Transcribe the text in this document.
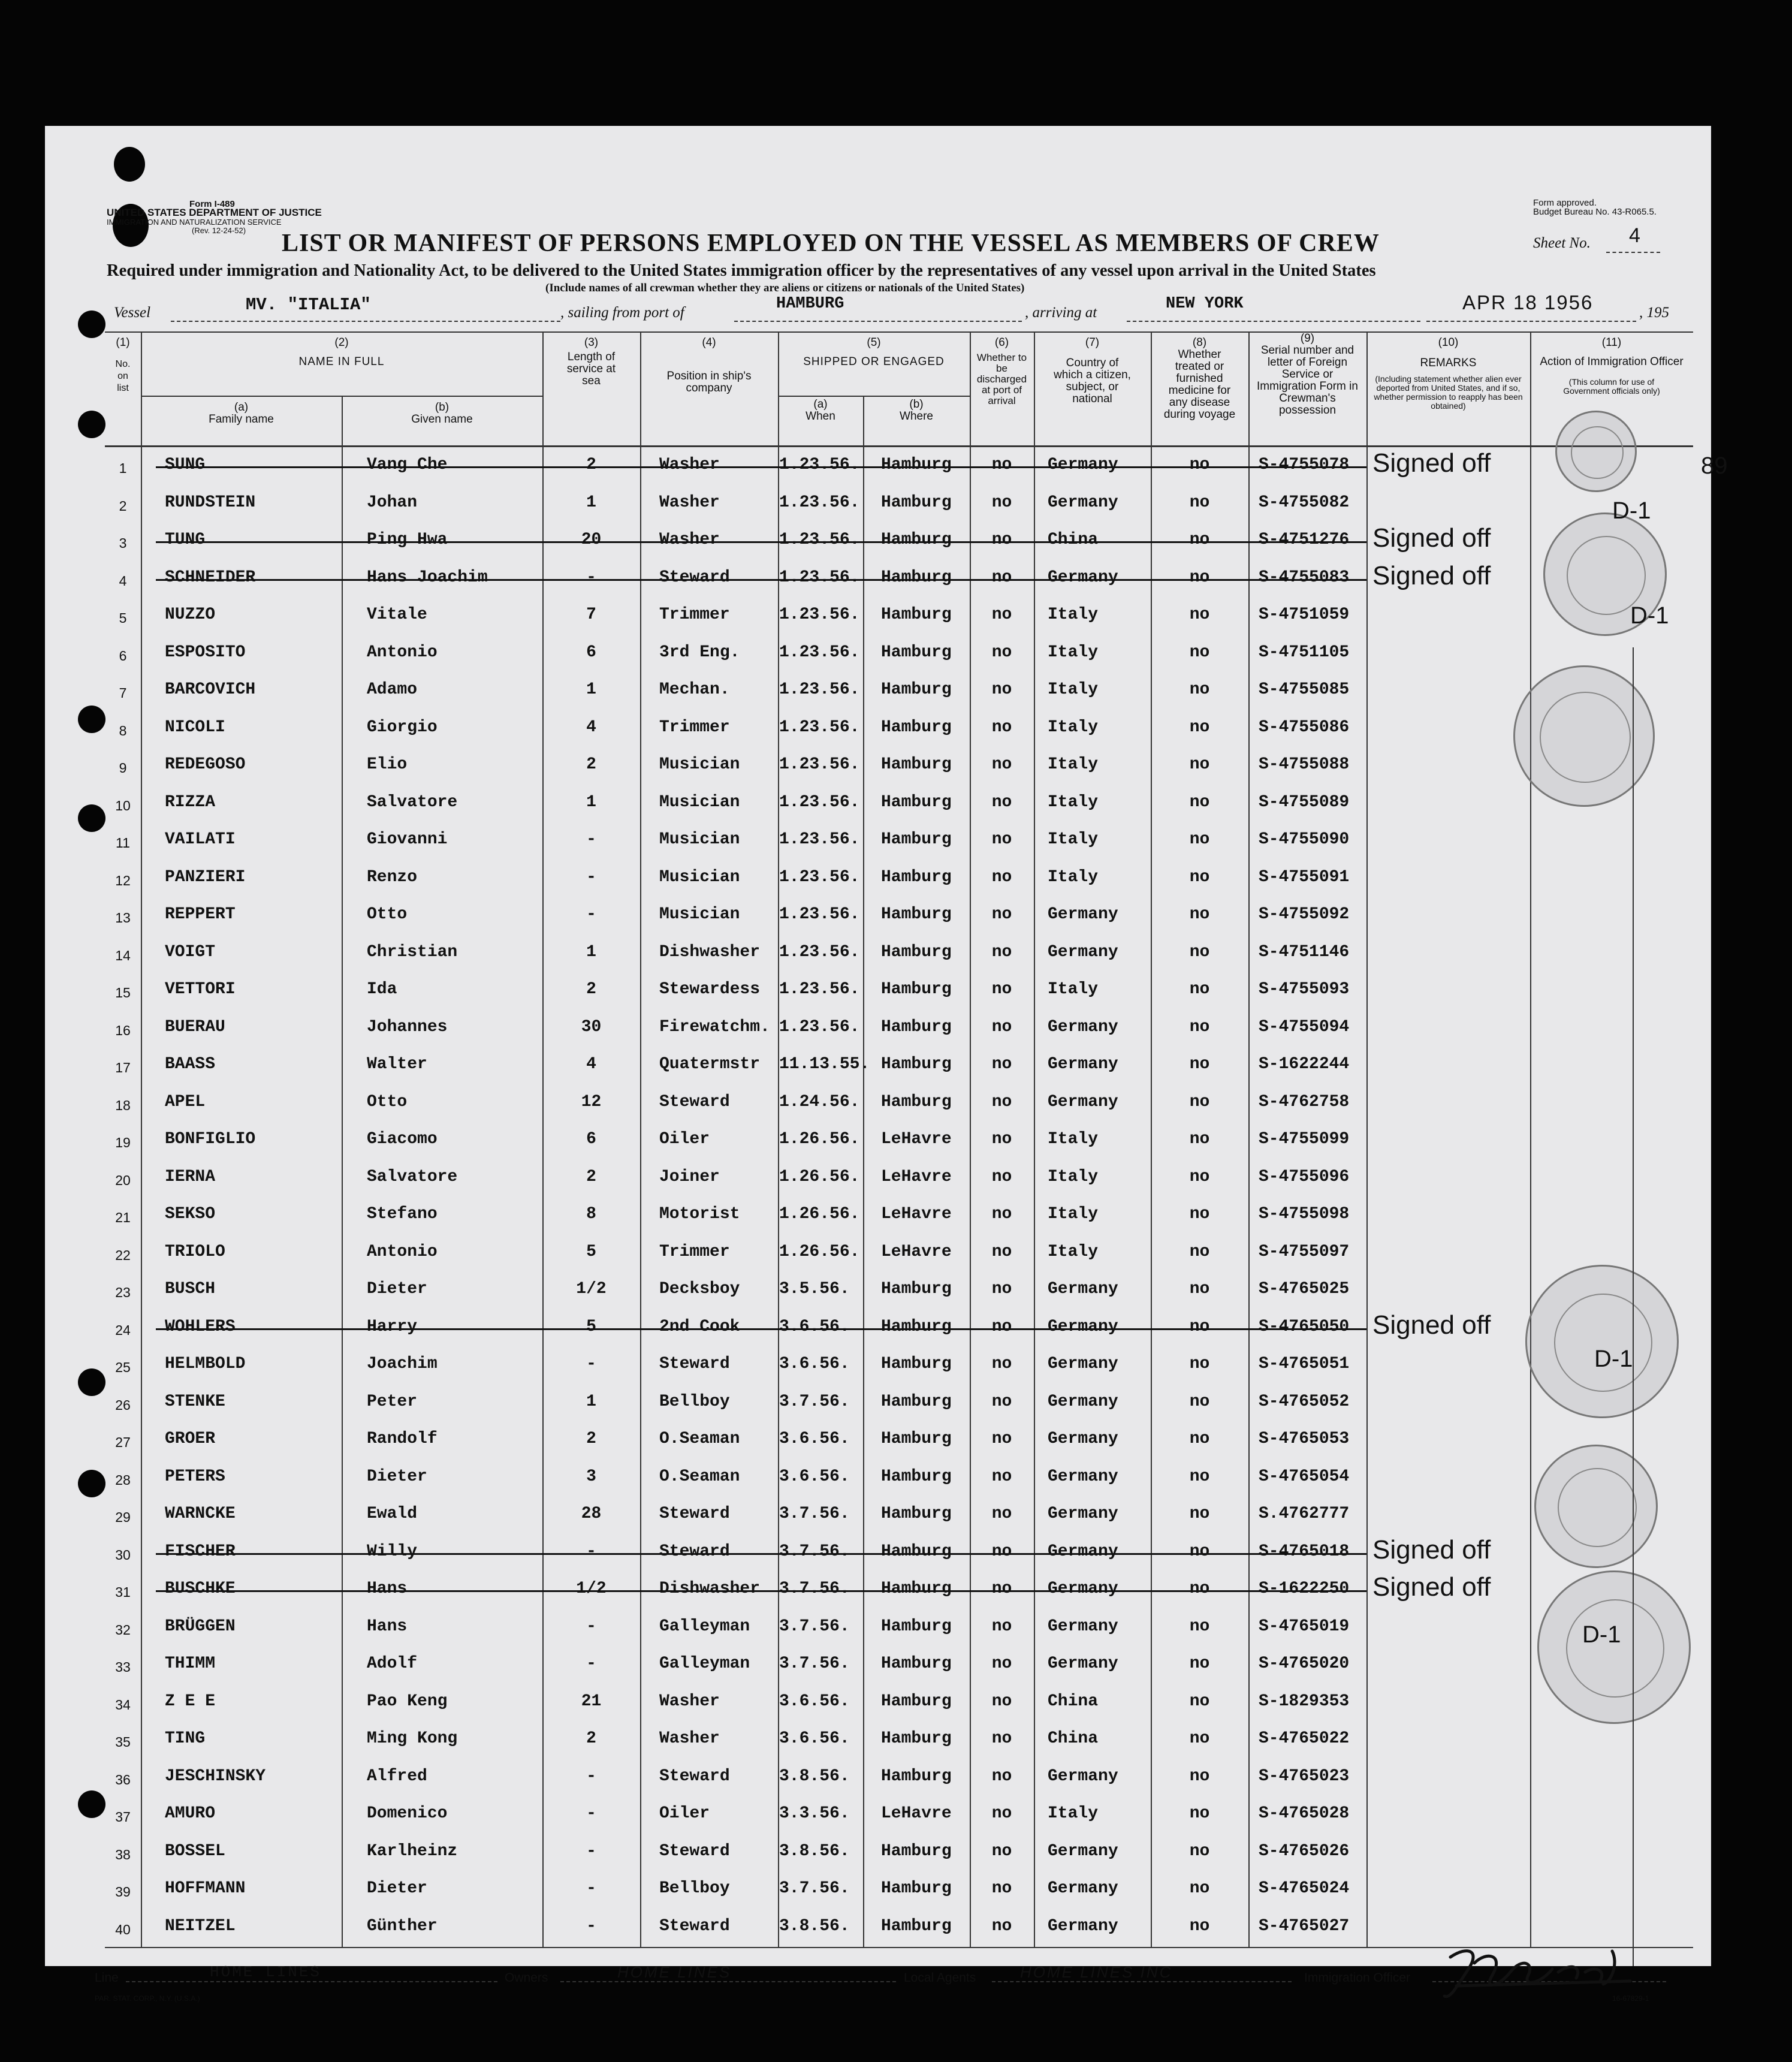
Form I-489
UNITED STATES DEPARTMENT OF JUSTICE
IMMIGRATION AND NATURALIZATION SERVICE
(Rev. 12-24-52)
Form approved.
Budget Bureau No. 43-R065.5.
LIST OR MANIFEST OF PERSONS EMPLOYED ON THE VESSEL AS MEMBERS OF CREW	Sheet No. 4
Required under immigration and Nationality Act, to be delivered to the United States immigration officer by the representatives of any vessel upon arrival in the United States
(Include names of all crewman whether they are aliens or citizens or nationals of the United States)
Vessel	MV. "ITALIA"	, sailing from port of	HAMBURG	, arriving at	NEW YORK	APR 18 1956	, 195
(1)
No. on list
(2)
NAME IN FULL
(a)
Family name
(b)
Given name
(3)
Length of service at sea
(4)
Position in ship's company
(5)
SHIPPED OR ENGAGED
(a)
When
(b)
Where
(6)
Whether to be discharged at port of arrival
(7)
Country of which a citizen, subject, or national
(8)
Whether treated or furnished medicine for any disease during voyage
(9)
Serial number and letter of Foreign Service or Immigration Form in Crewman's possession
(10)
REMARKS
(Including statement whether alien ever deported from United States, and if so, whether permission to reapply has been obtained)
(11)
Action of Immigration Officer
(This column for use of Government officials only)
1	SUNG	Vang Che	2	Washer	1.23.56. Hamburg	no	Germany	no	S-4755078 Signed off
2	RUNDSTEIN	Johan	1	Washer	1.23.56. Hamburg	no	Germany	no	S-4755082
3	TUNG	Ping Hwa	20	Washer	1.23.56. Hamburg	no	China	no	S-4751276 Signed off
4	SCHNEIDER	Hans Joachim	-	Steward	1.23.56. Hamburg	no	Germany	no	S-4755083 Signed off
5	NUZZO	Vitale	7	Trimmer	1.23.56. Hamburg	no	Italy	no	S-4751059
6	ESPOSITO	Antonio	6	3rd Eng. 1.23.56. Hamburg	no	Italy	no	S-4751105
7	BARCOVICH	Adamo	1	Mechan.	1.23.56. Hamburg	no	Italy	no	S-4755085
8	NICOLI	Giorgio	4	Trimmer	1.23.56. Hamburg	no	Italy	no	S-4755086
9	REDEGOSO	Elio	2	Musician 1.23.56. Hamburg	no	Italy	no	S-4755088
10	RIZZA	Salvatore	1	Musician 1.23.56. Hamburg	no	Italy	no	S-4755089
11	VAILATI	Giovanni	-	Musician 1.23.56. Hamburg	no	Italy	no	S-4755090
12	PANZIERI	Renzo	-	Musician 1.23.56. Hamburg	no	Italy	no	S-4755091
13	REPPERT	Otto	-	Musician 1.23.56. Hamburg	no	Germany	no	S-4755092
14	VOIGT	Christian	1	Dishwasher 1.23.56. Hamburg	no	Germany	no	S-4751146
15	VETTORI	Ida	2	Stewardess 1.23.56. Hamburg	no	Italy	no	S-4755093
16	BUERAU	Johannes	30	Firewatchm. 1.23.56. Hamburg	no	Germany	no	S-4755094
17	BAASS	Walter	4	Quatermstr 11.13.55. Hamburg	no	Germany	no	S-1622244
18	APEL	Otto	12	Steward	1.24.56. Hamburg	no	Germany	no	S-4762758
19	BONFIGLIO	Giacomo	6	Oiler	1.26.56. LeHavre	no	Italy	no	S-4755099
20	IERNA	Salvatore	2	Joiner	1.26.56. LeHavre	no	Italy	no	S-4755096
21	SEKSO	Stefano	8	Motorist 1.26.56. LeHavre	no	Italy	no	S-4755098
22	TRIOLO	Antonio	5	Trimmer	1.26.56. LeHavre	no	Italy	no	S-4755097
23	BUSCH	Dieter	1/2	Decksboy 3.5.56. Hamburg	no	Germany	no	S-4765025
24	WOHLERS	Harry	5	2nd Cook 3.6.56. Hamburg	no	Germany	no	S-4765050 Signed off
25	HELMBOLD	Joachim	-	Steward	3.6.56. Hamburg	no	Germany	no	S-4765051
26	STENKE	Peter	1	Bellboy	3.7.56. Hamburg	no	Germany	no	S-4765052
27	GROER	Randolf	2	O.Seaman 3.6.56. Hamburg	no	Germany	no	S-4765053
28	PETERS	Dieter	3	O.Seaman 3.6.56. Hamburg	no	Germany	no	S-4765054
29	WARNCKE	Ewald	28	Steward	3.7.56. Hamburg	no	Germany	no	S.4762777
30	FISCHER	Willy	-	Steward	3.7.56. Hamburg	no	Germany	no	S-4765018 Signed off
31	BUSCHKE	Hans	1/2	Dishwasher 3.7.56. Hamburg	no	Germany	no	S-1622250 Signed off
32	BRÜGGEN	Hans	-	Galleyman 3.7.56. Hamburg	no	Germany	no	S-4765019
33	THIMM	Adolf	-	Galleyman 3.7.56. Hamburg	no	Germany	no	S-4765020
34	Z E E	Pao Keng	21	Washer	3.6.56. Hamburg	no	China	no	S-1829353
35	TING	Ming Kong	2	Washer	3.6.56. Hamburg	no	China	no	S-4765022
36	JESCHINSKY	Alfred	-	Steward	3.8.56. Hamburg	no	Germany	no	S-4765023
37	AMURO	Domenico	-	Oiler	3.3.56. LeHavre	no	Italy	no	S-4765028
38	BOSSEL	Karlheinz	-	Steward	3.8.56. Hamburg	no	Germany	no	S-4765026
39	HOFFMANN	Dieter	-	Bellboy	3.7.56. Hamburg	no	Germany	no	S-4765024
40	NEITZEL	Günther	-	Steward	3.8.56. Hamburg	no	Germany	no	S-4765027
89
D-1
D-1
D-1
D-1
Line	HOME LINES	Owners	HOME LINES	Local Agents	HOME LINES INC	Immigration Officer
PAR. STAT. CORP., N.Y. (U.S.A.)	16-67829-1
